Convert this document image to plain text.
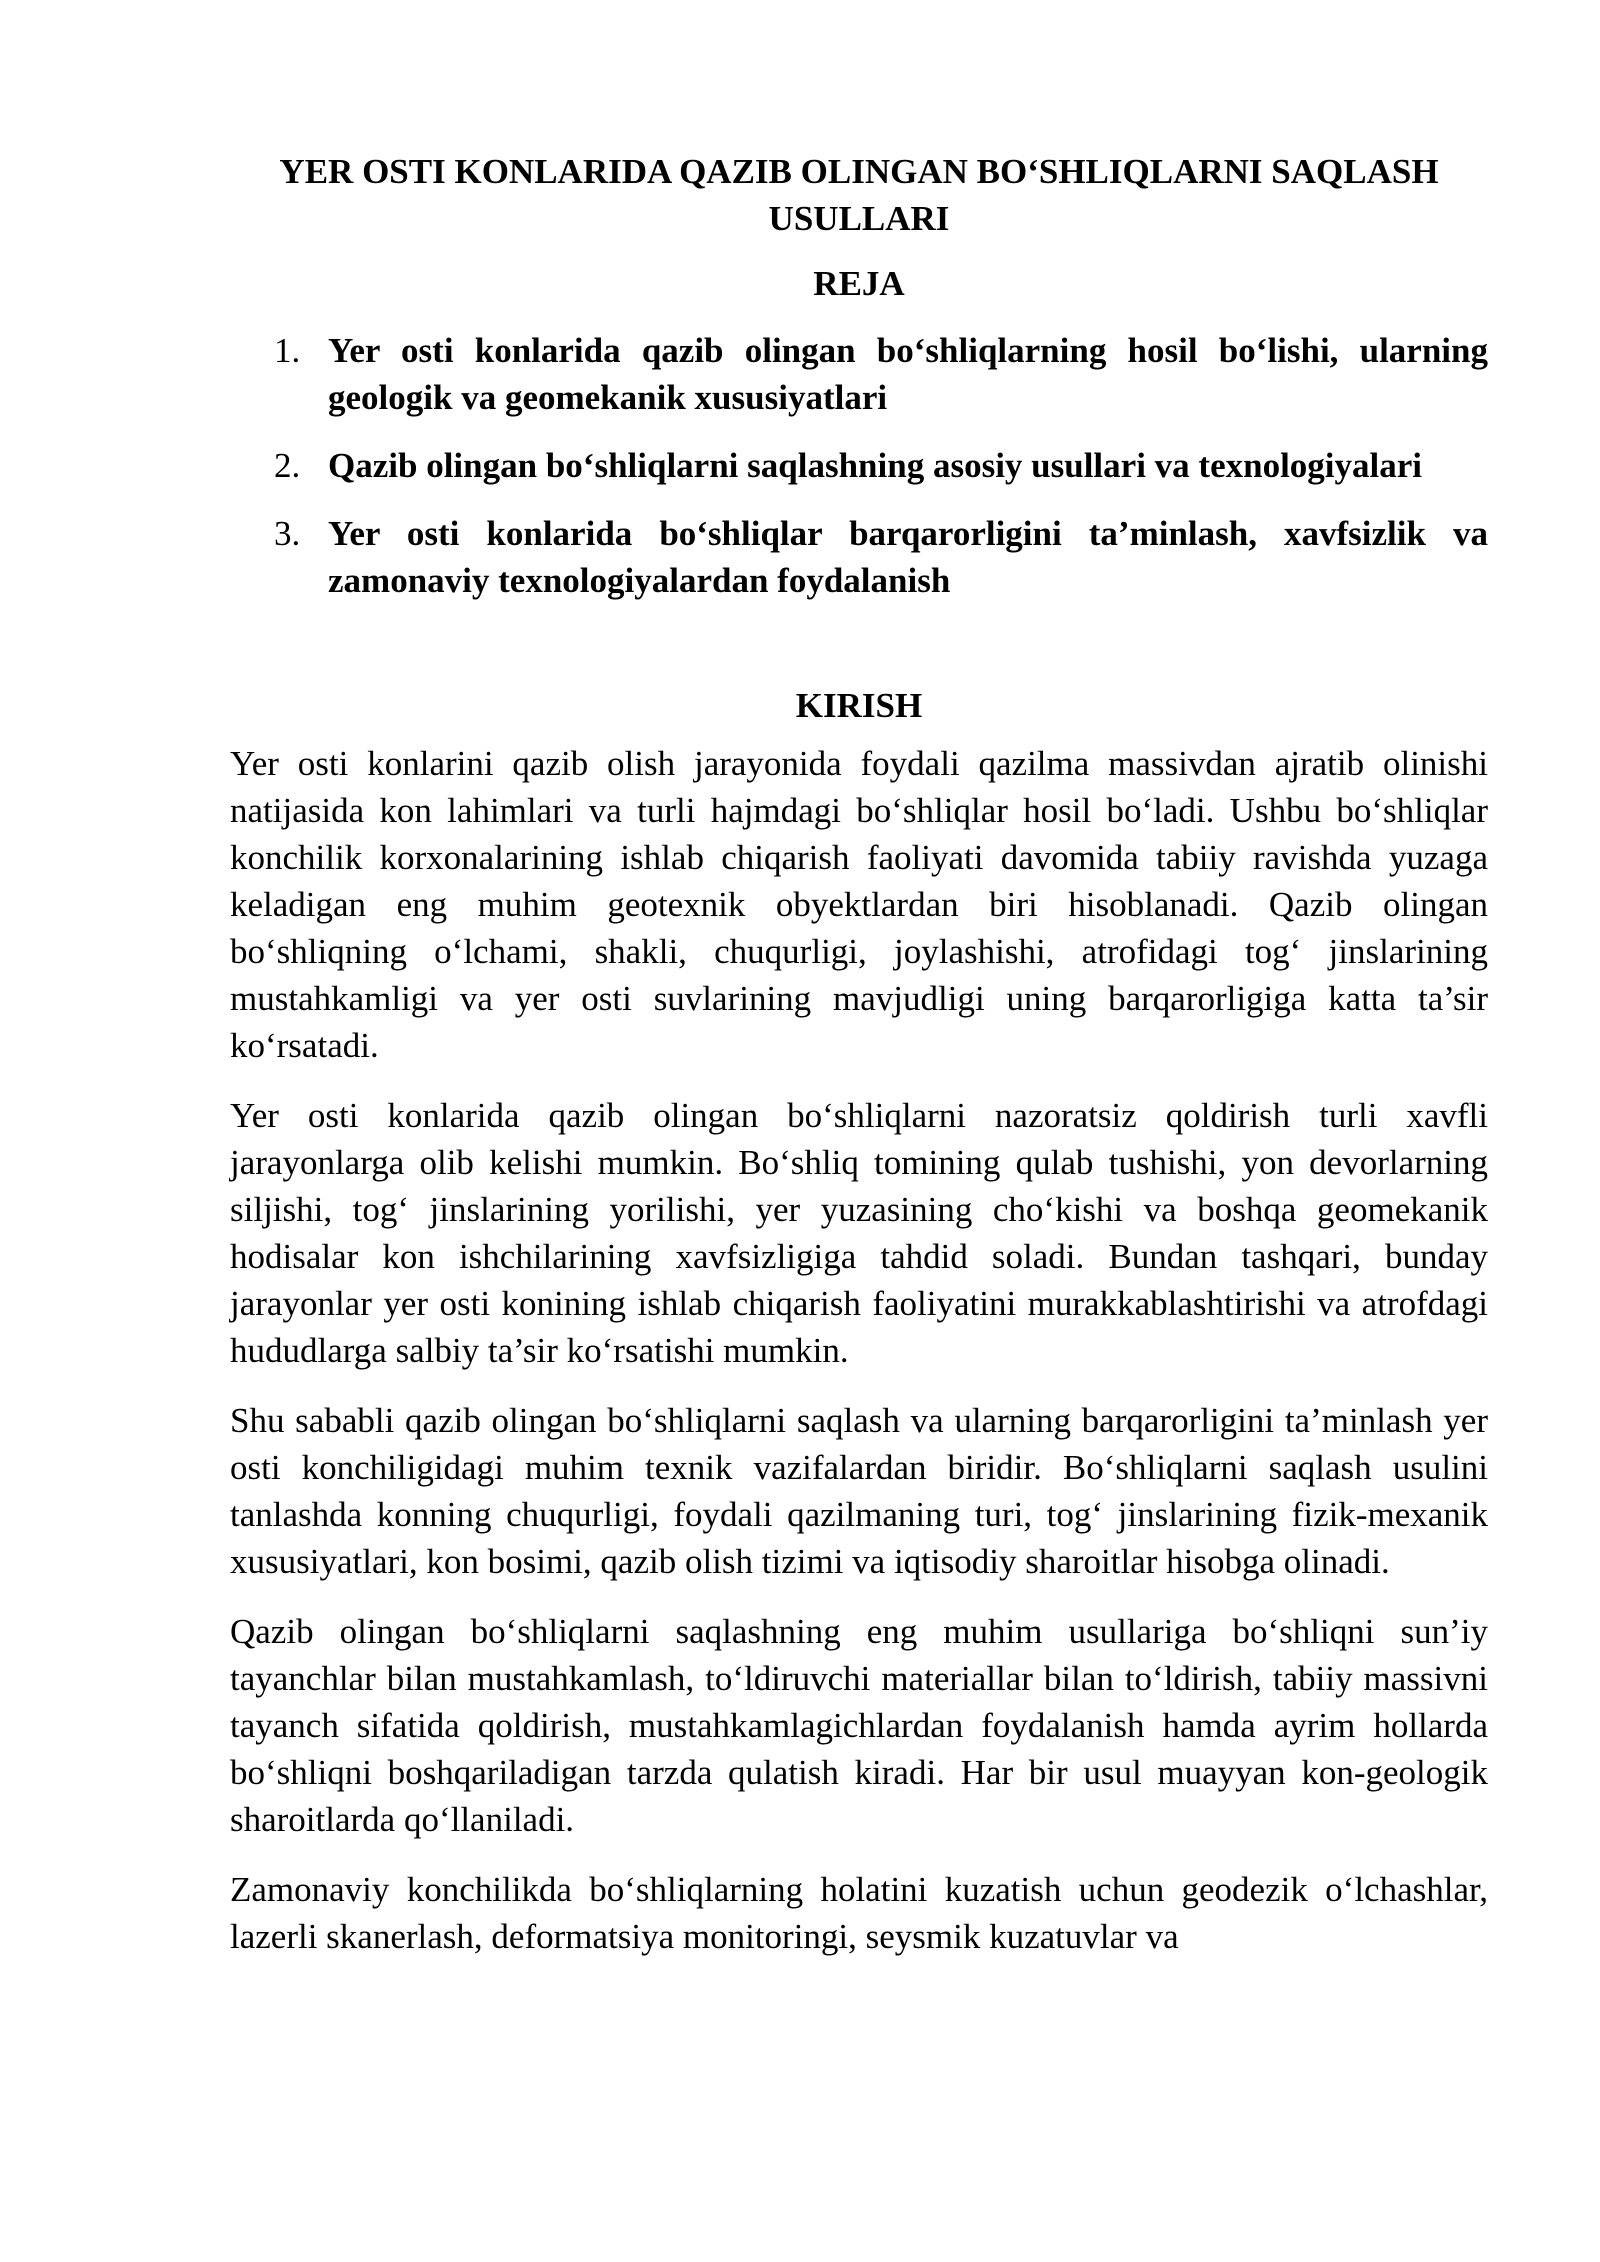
YER OSTI KONLARIDA QAZIB OLINGAN BO‘SHLIQLARNI SAQLASH USULLARI
REJA
1. Yer osti konlarida qazib olingan bo‘shliqlarning hosil bo‘lishi, ularning geologik va geomekanik xususiyatlari
2. Qazib olingan bo‘shliqlarni saqlashning asosiy usullari va texnologiyalari
3. Yer osti konlarida bo‘shliqlar barqarorligini ta’minlash, xavfsizlik va zamonaviy texnologiyalardan foydalanish
KIRISH

Yer osti konlarini qazib olish jarayonida foydali qazilma massivdan ajratib olinishi natijasida kon lahimlari va turli hajmdagi bo‘shliqlar hosil bo‘ladi. Ushbu bo‘shliqlar konchilik korxonalarining ishlab chiqarish faoliyati davomida tabiiy ravishda yuzaga keladigan eng muhim geotexnik obyektlardan biri hisoblanadi. Qazib olingan bo‘shliqning o‘lchami, shakli, chuqurligi, joylashishi, atrofidagi tog‘ jinslarining mustahkamligi va yer osti suvlarining mavjudligi uning barqarorligiga katta ta’sir ko‘rsatadi.

Yer osti konlarida qazib olingan bo‘shliqlarni nazoratsiz qoldirish turli xavfli jarayonlarga olib kelishi mumkin. Bo‘shliq tomining qulab tushishi, yon devorlarning siljishi, tog‘ jinslarining yorilishi, yer yuzasining cho‘kishi va boshqa geomekanik hodisalar kon ishchilarining xavfsizligiga tahdid soladi. Bundan tashqari, bunday jarayonlar yer osti konining ishlab chiqarish faoliyatini murakkablashtirishi va atrofdagi hududlarga salbiy ta’sir ko‘rsatishi mumkin.

Shu sababli qazib olingan bo‘shliqlarni saqlash va ularning barqarorligini ta’minlash yer osti konchiligidagi muhim texnik vazifalardan biridir. Bo‘shliqlarni saqlash usulini tanlashda konning chuqurligi, foydali qazilmaning turi, tog‘ jinslarining fizik-mexanik xususiyatlari, kon bosimi, qazib olish tizimi va iqtisodiy sharoitlar hisobga olinadi.

Qazib olingan bo‘shliqlarni saqlashning eng muhim usullariga bo‘shliqni sun’iy tayanchlar bilan mustahkamlash, to‘ldiruvchi materiallar bilan to‘ldirish, tabiiy massivni tayanch sifatida qoldirish, mustahkamlagichlardan foydalanish hamda ayrim hollarda bo‘shliqni boshqariladigan tarzda qulatish kiradi. Har bir usul muayyan kon-geologik sharoitlarda qo‘llaniladi.

Zamonaviy konchilikda bo‘shliqlarning holatini kuzatish uchun geodezik o‘lchashlar, lazerli skanerlash, deformatsiya monitoringi, seysmik kuzatuvlar va
